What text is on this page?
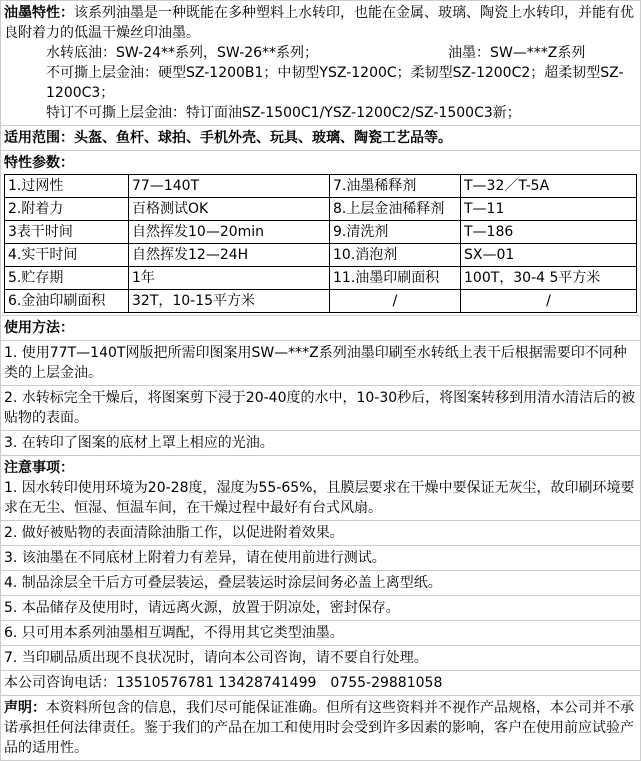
油墨特性：该系列油墨是一种既能在多种塑料上水转印，也能在金属、玻璃、陶瓷上水转印，并能有优良附着力的低温干燥丝印油墨。

水转底油：SW-24**系列，SW-26**系列；	油墨：SW—***Z系列
不可撕上层金油：硬型SZ-1200B1；中韧型YSZ-1200C；柔韧型SZ-1200C2；超柔韧型SZ-1200C3；
特订不可撕上层金油：特订面油SZ-1500C1/YSZ-1200C2/SZ-1500C3新；
适用范围：头盔、鱼杆、球拍、手机外壳、玩具、玻璃、陶瓷工艺品等。
特性参数：
1.过网性	77—140T	7.油墨稀释剂	T—32／T-5A
2.附着力	百格测试OK	8.上层金油稀释剂	T—11
3表干时间	自然挥发10—20min	9.清洗剂	T—186
4.实干时间	自然挥发12—24H	10.消泡剂	SX—01
5.贮存期	1年	11.油墨印刷面积	100T，30-4 5平方米
6.金油印刷面积	32T，10-15平方米	/	/
使用方法：
1. 使用77T—140T网版把所需印图案用SW—***Z系列油墨印刷至水转纸上表干后根据需要印不同种类的上层金油。
2. 水转标完全干燥后，将图案剪下浸于20-40度的水中，10-30秒后，将图案转移到用清水清洁后的被贴物的表面。
3. 在转印了图案的底材上罩上相应的光油。
注意事项：
1. 因水转印使用环境为20-28度，湿度为55-65%，且膜层要求在干燥中要保证无灰尘，故印刷环境要求在无尘、恒湿、恒温车间，在干燥过程中最好有台式风扇。
2. 做好被贴物的表面清除油脂工作，以促进附着效果。
3. 该油墨在不同底材上附着力有差异，请在使用前进行测试。
4. 制品涂层全干后方可叠层装运，叠层装运时涂层间务必盖上离型纸。
5. 本品储存及使用时，请远离火源，放置于阴凉处，密封保存。
6. 只可用本系列油墨相互调配，不得用其它类型油墨。
7. 当印刷品质出现不良状况时，请向本公司咨询，请不要自行处理。
本公司咨询电话：13510576781 13428741499　0755-29881058
声明：本资料所包含的信息，我们尽可能保证准确。但所有这些资料并不视作产品规格，本公司并不承诺承担任何法律责任。鉴于我们的产品在加工和使用时会受到许多因素的影响，客户在使用前应试验产品的适用性。
